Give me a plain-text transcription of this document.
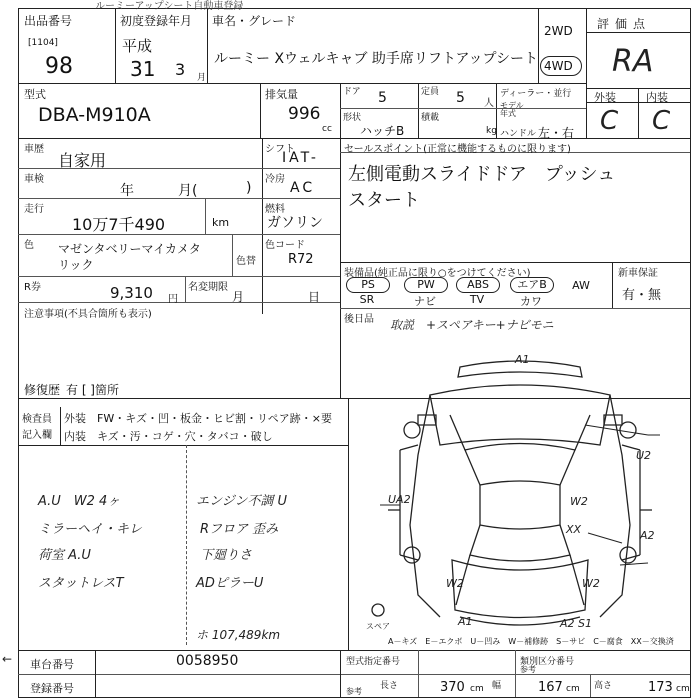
ルーミーアップシート自動車登録
出品番号
[1104]
98
初度登録年月
平成
31 3 月
車名・グレード
ルーミー Xウェルキャブ 助手席リフトアップシート
2WD
4WD
評価点
RA
外装	内装
C C
型式
DBA-M910A
排気量
996
cc
ドア 5	定員 5 人
ディーラー・並行
モデル年式
形状
ハッチB
積載
kg ハンドル 左・右
車歴
自家用
シフト
IAT-
車検
年	月(	)
冷房
AC
走行
10万7千490	km
燃料
ガソリン
色 マゼンタベリーマイカメタ
リック	色替
色コード
R72
R券	9,310 円
名変期限
月	日
注意事項(不具合箇所も表示)
修復歴 有 [ ]箇所
セールスポイント(正常に機能するものに限ります)
左側電動スライドドア　プッシュ
スタート
装備品(純正品に限り○をつけてください)
PS	PW	ABS	エアB	AW
SR	ナビ	TV	カワ
新車保証
有・無
後日品 取説　+スペアキー+ナビモニ
検査員
記入欄
外装　FW・キズ・凹・板金・ヒビ割・リペア跡・×要
内装　キズ・汚・コゲ・穴・タバコ・破し
A.U　W2 4ヶ
ミラーヘイ・キレ
荷室 A.U
スタットレスT
エンジン不調 U
Rフロア 歪み
下廻りさ
ADピラーU
ホ 107,489km
A1
U2
UA2	W2
XX	A2
W2	W2
A1	A2 S1
スペア
A－キズ　E－エクボ　U－凹み　W－補修跡　S－サビ　C－腐食　XX－交換済
← 車台番号	0058950
登録番号
型式指定番号	類別区分番号
参考
参考
長さ	370 cm 幅	167 cm 高さ	173 cm
